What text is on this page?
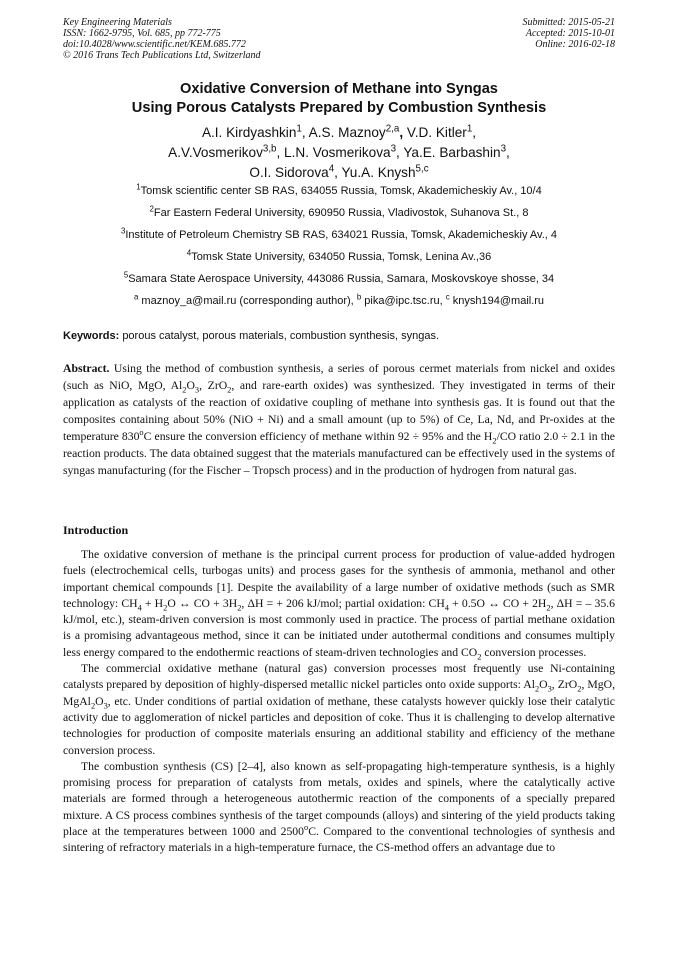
Key Engineering Materials
ISSN: 1662-9795, Vol. 685, pp 772-775
doi:10.4028/www.scientific.net/KEM.685.772
© 2016 Trans Tech Publications Ltd, Switzerland
Submitted: 2015-05-21
Accepted: 2015-10-01
Online: 2016-02-18
Oxidative Conversion of Methane into Syngas
Using Porous Catalysts Prepared by Combustion Synthesis
A.I. Kirdyashkin$^1$, A.S. Maznoy$^{2,a}$, V.D. Kitler$^1$,
A.V.Vosmerikov$^{3,b}$, L.N. Vosmerikova$^3$, Ya.E. Barbashin$^3$,
O.I. Sidorova$^4$, Yu.A. Knysh$^{5,c}$
$^1$Tomsk scientific center SB RAS, 634055 Russia, Tomsk, Akademicheskiy Av., 10/4
$^2$Far Eastern Federal University, 690950 Russia, Vladivostok, Suhanova St., 8
$^3$Institute of Petroleum Chemistry SB RAS, 634021 Russia, Tomsk, Akademicheskiy Av., 4
$^4$Tomsk State University, 634050 Russia, Tomsk, Lenina Av.,36
$^5$Samara State Aerospace University, 443086 Russia, Samara, Moskovskoye shosse, 34
$^a$ maznoy_a@mail.ru (corresponding author), $^b$ pika@ipc.tsc.ru, $^c$ knysh194@mail.ru
Keywords: porous catalyst, porous materials, combustion synthesis, syngas.
Abstract. Using the method of combustion synthesis, a series of porous cermet materials from nickel and oxides (such as NiO, MgO, $Al_2O_3$, ZrO$_2$, and rare-earth oxides) was synthesized. They investigated in terms of their application as catalysts of the reaction of oxidative coupling of methane into synthesis gas. It is found out that the composites containing about 50% (NiO + Ni) and a small amount (up to 5%) of Ce, La, Nd, and Pr-oxides at the temperature 830$^o$C ensure the conversion efficiency of methane within 92 ÷ 95% and the $H_2/CO$ ratio 2.0 ÷ 2.1 in the reaction products. The data obtained suggest that the materials manufactured can be effectively used in the systems of syngas manufacturing (for the Fischer – Tropsch process) and in the production of hydrogen from natural gas.
Introduction

The oxidative conversion of methane is the principal current process for production of value-added hydrogen fuels (electrochemical cells, turbogas units) and process gases for the synthesis of ammonia, methanol and other important chemical compounds [1]. Despite the availability of a large number of oxidative methods (such as SMR technology: $CH_4 + H_2O$ ↔ CO + $3H_2$, ΔH = + 206 kJ/mol; partial oxidation: $CH_4 + 0.5O$ ↔ CO + $2H_2$, ΔH = – 35.6 kJ/mol, etc.), steam-driven conversion is most commonly used in practice. The process of partial methane oxidation is a promising advantageous method, since it can be initiated under autothermal conditions and consumes multiply less energy compared to the endothermic reactions of steam-driven technologies and $CO_2$ conversion processes.

The commercial oxidative methane (natural gas) conversion processes most frequently use Ni-containing catalysts prepared by deposition of highly-dispersed metallic nickel particles onto oxide supports: $Al_2O_3$, ZrO$_2$, MgO, $MgAl_2O_3$, etc. Under conditions of partial oxidation of methane, these catalysts however quickly lose their catalytic activity due to agglomeration of nickel particles and deposition of coke. Thus it is challenging to develop alternative technologies for production of composite materials ensuring an additional stability and efficiency of the methane conversion process.

The combustion synthesis (CS) [2–4], also known as self-propagating high-temperature synthesis, is a highly promising process for preparation of catalysts from metals, oxides and spinels, where the catalytically active materials are formed through a heterogeneous autothermic reaction of the components of a specially prepared mixture. A CS process combines synthesis of the target compounds (alloys) and sintering of the yield products taking place at the temperatures between 1000 and 2500$^o$C. Compared to the conventional technologies of synthesis and sintering of refractory materials in a high-temperature furnace, the CS-method offers an advantage due to
